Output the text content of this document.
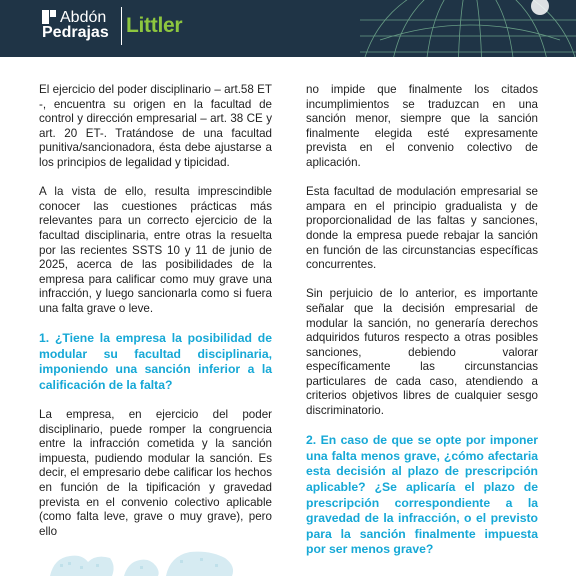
Abdón
Pedrajas Littler

El ejercicio del poder disciplinario – art.58 ET -, encuentra su origen en la facultad de control y dirección empresarial – art. 38 CE y art. 20 ET-. Tratándose de una facultad punitiva/sancionadora, ésta debe ajustarse a los principios de legalidad y tipicidad.

A la vista de ello, resulta imprescindible conocer las cuestiones prácticas más relevantes para un correcto ejercicio de la facultad disciplinaria, entre otras la resuelta por las recientes SSTS 10 y 11 de junio de 2025, acerca de las posibilidades de la empresa para calificar como muy grave una infracción, y luego sancionarla como si fuera una falta grave o leve.

1. ¿Tiene la empresa la posibilidad de modular su facultad disciplinaria, imponiendo una sanción inferior a la calificación de la falta?

La empresa, en ejercicio del poder disciplinario, puede romper la congruencia entre la infracción cometida y la sanción impuesta, pudiendo modular la sanción. Es decir, el empresario debe calificar los hechos en función de la tipificación y gravedad prevista en el convenio colectivo aplicable (como falta leve, grave o muy grave), pero ello

no impide que finalmente los citados incumplimientos se traduzcan en una sanción menor, siempre que la sanción finalmente elegida esté expresamente prevista en el convenio colectivo de aplicación.

Esta facultad de modulación empresarial se ampara en el principio gradualista y de proporcionalidad de las faltas y sanciones, donde la empresa puede rebajar la sanción en función de las circunstancias específicas concurrentes.

Sin perjuicio de lo anterior, es importante señalar que la decisión empresarial de modular la sanción, no generaría derechos adquiridos futuros respecto a otras posibles sanciones, debiendo valorar específicamente las circunstancias particulares de cada caso, atendiendo a criterios objetivos libres de cualquier sesgo discriminatorio.

2. En caso de que se opte por imponer una falta menos grave, ¿cómo afectaria esta decisión al plazo de prescripción aplicable? ¿Se aplicaría el plazo de prescripción correspondiente a la gravedad de la infracción, o el previsto para la sanción finalmente impuesta por ser menos grave?
